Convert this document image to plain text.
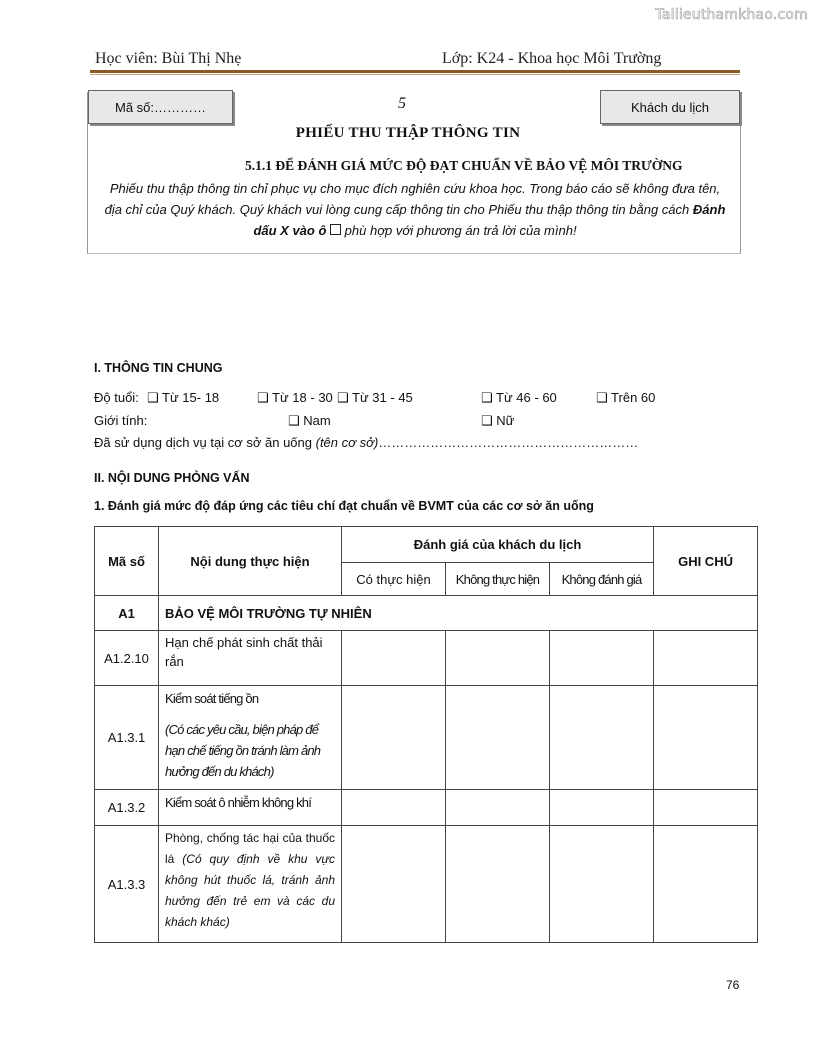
Tailieuthamkhao.com
Học viên: Bùi Thị Nhẹ	Lớp: K24 - Khoa học Môi Trường
Mã số:…………	5	Khách du lịch
PHIẾU THU THẬP THÔNG TIN
5.1.1 ĐỂ ĐÁNH GIÁ MỨC ĐỘ ĐẠT CHUẨN VỀ BẢO VỆ MÔI TRƯỜNG
Phiếu thu thập thông tin chỉ phục vụ cho mục đích nghiên cứu khoa học. Trong báo cáo sẽ không đưa tên,
địa chỉ của Quý khách. Quý khách vui lòng cung cấp thông tin cho Phiếu thu thập thông tin bằng cách Đánh
dấu X vào ô phù hợp với phương án trả lời của mình!
I. THÔNG TIN CHUNG
Độ tuổi: ❑ Từ 15- 18	❑ Từ 18 - 30 ❑ Từ 31 - 45	❑ Từ 46 - 60	❑ Trên 60
Giới tính:	❑ Nam	❑ Nữ
Đã sử dụng dịch vụ tại cơ sở ăn uống (tên cơ sở)……………………………………………………
II. NỘI DUNG PHỎNG VẤN
1. Đánh giá mức độ đáp ứng các tiêu chí đạt chuẩn về BVMT của các cơ sở ăn uống
Mã số	Nội dung thực hiện	Đánh giá của khách du lịch			GHI CHÚ
		Có thực hiện	Không thực hiện	Không đánh giá	
A1	BẢO VỆ MÔI TRƯỜNG TỰ NHIÊN				
A1.2.10	Hạn chế phát sinh chất thải rắn				
A1.3.1	Kiểm soát tiếng ồn
(Có các yêu cầu, biện pháp để hạn chế tiếng ồn tránh làm ảnh hưởng đến du khách)				

A1.3.2	Kiểm soát ô nhiễm không khí				
A1.3.3	Phòng, chống tác hại của thuốc lá (Có quy định về khu vực không hút thuốc lá, tránh ảnh hưởng đến trẻ em và các du khách khác)				
76
